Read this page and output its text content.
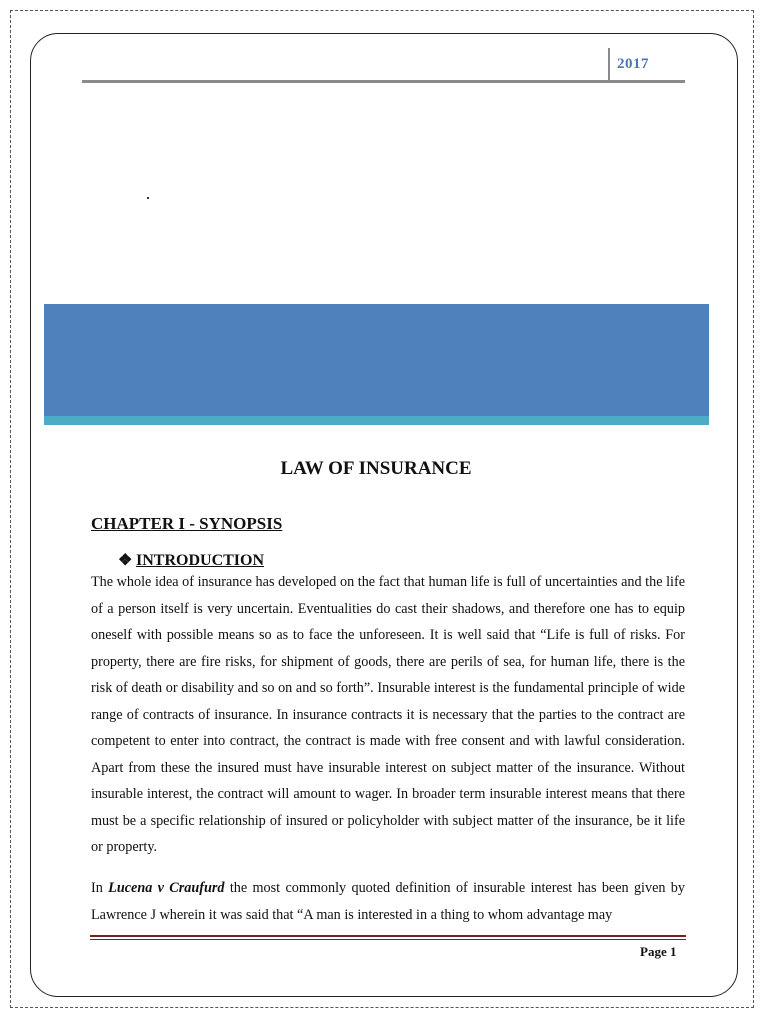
2017
LAW OF INSURANCE
CHAPTER I - SYNOPSIS
❖ INTRODUCTION
The whole idea of insurance has developed on the fact that human life is full of uncertainties and the life of a person itself is very uncertain. Eventualities do cast their shadows, and therefore one has to equip oneself with possible means so as to face the unforeseen. It is well said that “Life is full of risks. For property, there are fire risks, for shipment of goods, there are perils of sea, for human life, there is the risk of death or disability and so on and so forth”. Insurable interest is the fundamental principle of wide range of contracts of insurance. In insurance contracts it is necessary that the parties to the contract are competent to enter into contract, the contract is made with free consent and with lawful consideration. Apart from these the insured must have insurable interest on subject matter of the insurance. Without insurable interest, the contract will amount to wager. In broader term insurable interest means that there must be a specific relationship of insured or policyholder with subject matter of the insurance, be it life or property.
In Lucena v Craufurd the most commonly quoted definition of insurable interest has been given by Lawrence J wherein it was said that “A man is interested in a thing to whom advantage may
Page 1
